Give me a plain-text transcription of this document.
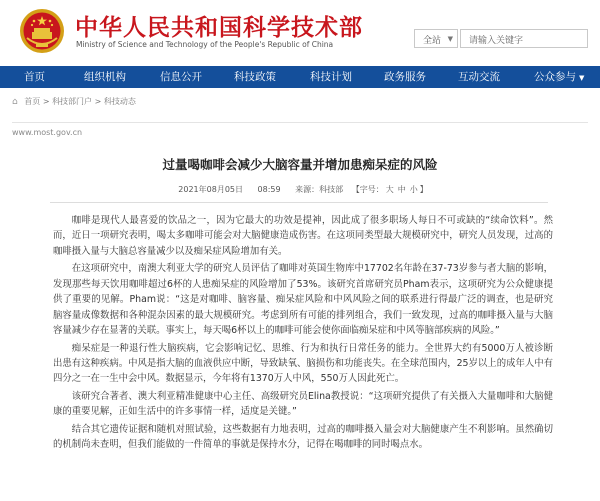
中华人民共和国科学技术部
Ministry of Science and Technology of the People's Republic of China	全站 ▼	请输入关键字
首页	组织机构	信息公开	科技政策	科技计划	政务服务	互动交流	公众参与 ▼
⌂ 首页 > 科技部门户 > 科技动态
www.most.gov.cn
过量喝咖啡会减少大脑容量并增加患痴呆症的风险
2021年08月05日 08:59 来源：科技部 【字号： 大 中 小 】

咖啡是现代人最喜爱的饮品之一，因为它最大的功效是提神，因此成了很多职场人每日不可或缺的“续命饮料”。然而，近日一项研究表明，喝太多咖啡可能会对大脑健康造成伤害。在这项同类型最大规模研究中，研究人员发现，过高的咖啡摄入量与大脑总容量减少以及痴呆症风险增加有关。

在这项研究中，南澳大利亚大学的研究人员评估了咖啡对英国生物库中17702名年龄在37-73岁参与者大脑的影响，发现那些每天饮用咖啡超过6杯的人患痴呆症的风险增加了53%。该研究首席研究员Pham表示，这项研究为公众健康提供了重要的见解。Pham说：“这是对咖啡、脑容量、痴呆症风险和中风风险之间的联系进行得最广泛的调查，也是研究脑容量成像数据和各种混杂因素的最大规模研究。考虑到所有可能的排列组合，我们一致发现，过高的咖啡摄入量与大脑容量减少存在显著的关联。事实上，每天喝6杯以上的咖啡可能会使你面临痴呆症和中风等脑部疾病的风险。”

痴呆症是一种退行性大脑疾病，它会影响记忆、思维、行为和执行日常任务的能力。全世界大约有5000万人被诊断出患有这种疾病。中风是指大脑的血液供应中断，导致缺氧、脑损伤和功能丧失。在全球范围内，25岁以上的成年人中有四分之一在一生中会中风。数据显示，今年将有1370万人中风，550万人因此死亡。

该研究合著者、澳大利亚精准健康中心主任、高级研究员Elina教授说：“这项研究提供了有关摄入大量咖啡和大脑健康的重要见解，正如生活中的许多事情一样，适度是关键。”

结合其它遗传证据和随机对照试验，这些数据有力地表明，过高的咖啡摄入量会对大脑健康产生不利影响。虽然确切的机制尚未查明，但我们能做的一件简单的事就是保持水分，记得在喝咖啡的同时喝点水。
